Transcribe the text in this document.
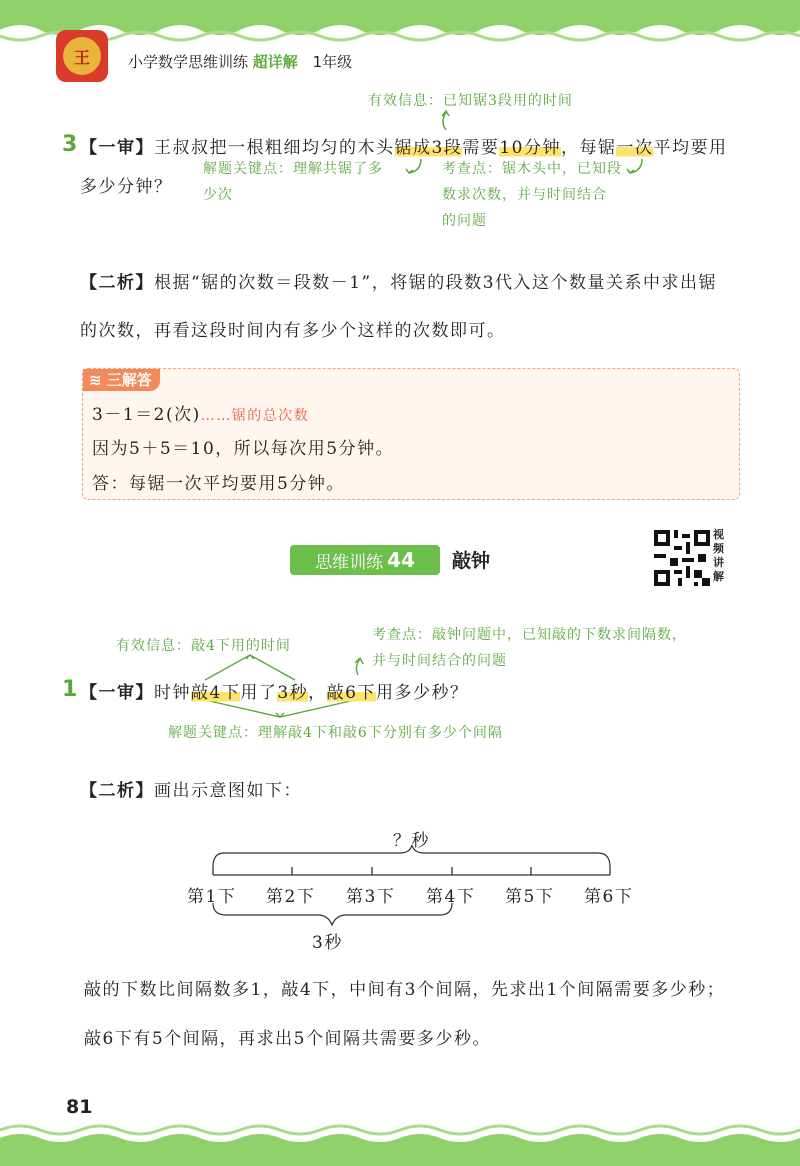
王	小学数学思维训练 超详解 1年级
有效信息：已知锯3段用的时间
3 【一审】王叔叔把一根粗细均匀的木头锯成3段需要10分钟，每锯一次平均要用
多少分钟？
解题关键点：理解共锯了多
少次
考查点：锯木头中，已知段
数求次数，并与时间结合
的问题
【二析】根据“锯的次数＝段数－1”，将锯的段数3代入这个数量关系中求出锯
的次数，再看这段时间内有多少个这样的次数即可。
≋ 三解答
3－1＝2(次)……锯的总次数
因为5＋5＝10，所以每次用5分钟。
答：每锯一次平均要用5分钟。
思维训练 44 敲钟
视
频
讲
解
有效信息：敲4下用的时间
考查点：敲钟问题中，已知敲的下数求间隔数，
并与时间结合的问题
1 【一审】时钟敲4下用了3秒，敲6下用多少秒？
解题关键点：理解敲4下和敲6下分别有多少个间隔
【二析】画出示意图如下：
？秒
第1下 第2下 第3下 第4下 第5下 第6下
3秒
敲的下数比间隔数多1，敲4下，中间有3个间隔，先求出1个间隔需要多少秒；
敲6下有5个间隔，再求出5个间隔共需要多少秒。
81
